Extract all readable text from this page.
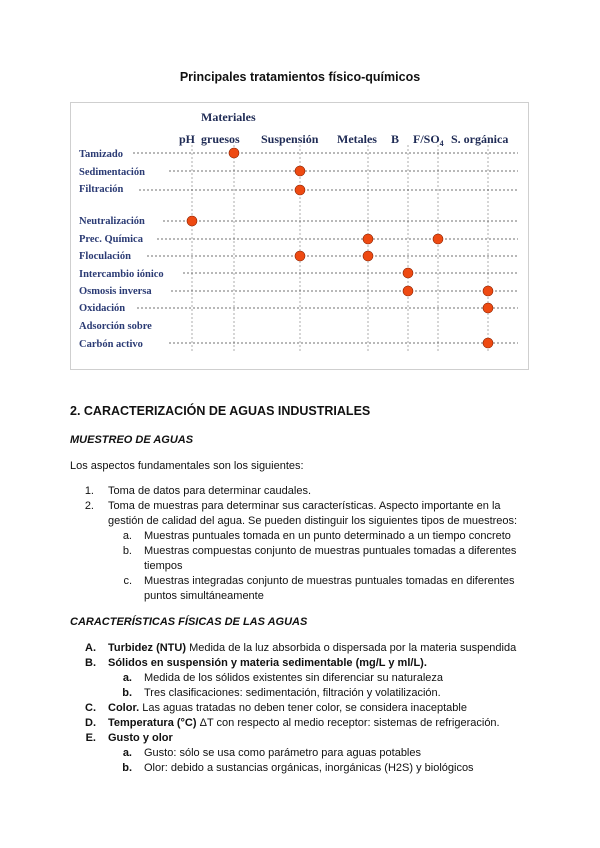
Principales tratamientos físico-químicos
Materiales
pH gruesos Suspensión Metales B $F/SO_4$ S. orgánica
Tamizado
Sedimentación
Filtración
Neutralización
Prec. Química
Floculación
Intercambio iónico
Osmosis inversa
Oxidación
Adsorción sobre
Carbón activo
2. CARACTERIZACIÓN DE AGUAS INDUSTRIALES
MUESTREO DE AGUAS
Los aspectos fundamentales son los siguientes:
1. Toma de datos para determinar caudales.
2. Toma de muestras para determinar sus características. Aspecto importante en la
gestión de calidad del agua. Se pueden distinguir los siguientes tipos de muestreos:
a. Muestras puntuales tomada en un punto determinado a un tiempo concreto
b. Muestras compuestas conjunto de muestras puntuales tomadas a diferentes
tiempos
c. Muestras integradas conjunto de muestras puntuales tomadas en diferentes
puntos simultáneamente
CARACTERÍSTICAS FÍSICAS DE LAS AGUAS
A. Turbidez (NTU) Medida de la luz absorbida o dispersada por la materia suspendida
B. Sólidos en suspensión y materia sedimentable (mg/L y ml/L).
a. Medida de los sólidos existentes sin diferenciar su naturaleza
b. Tres clasificaciones: sedimentación, filtración y volatilización.
C. Color. Las aguas tratadas no deben tener color, se considera inaceptable
D. Temperatura (°C) ΔT con respecto al medio receptor: sistemas de refrigeración.
E. Gusto y olor
a. Gusto: sólo se usa como parámetro para aguas potables
b. Olor: debido a sustancias orgánicas, inorgánicas (H2S) y biológicos
